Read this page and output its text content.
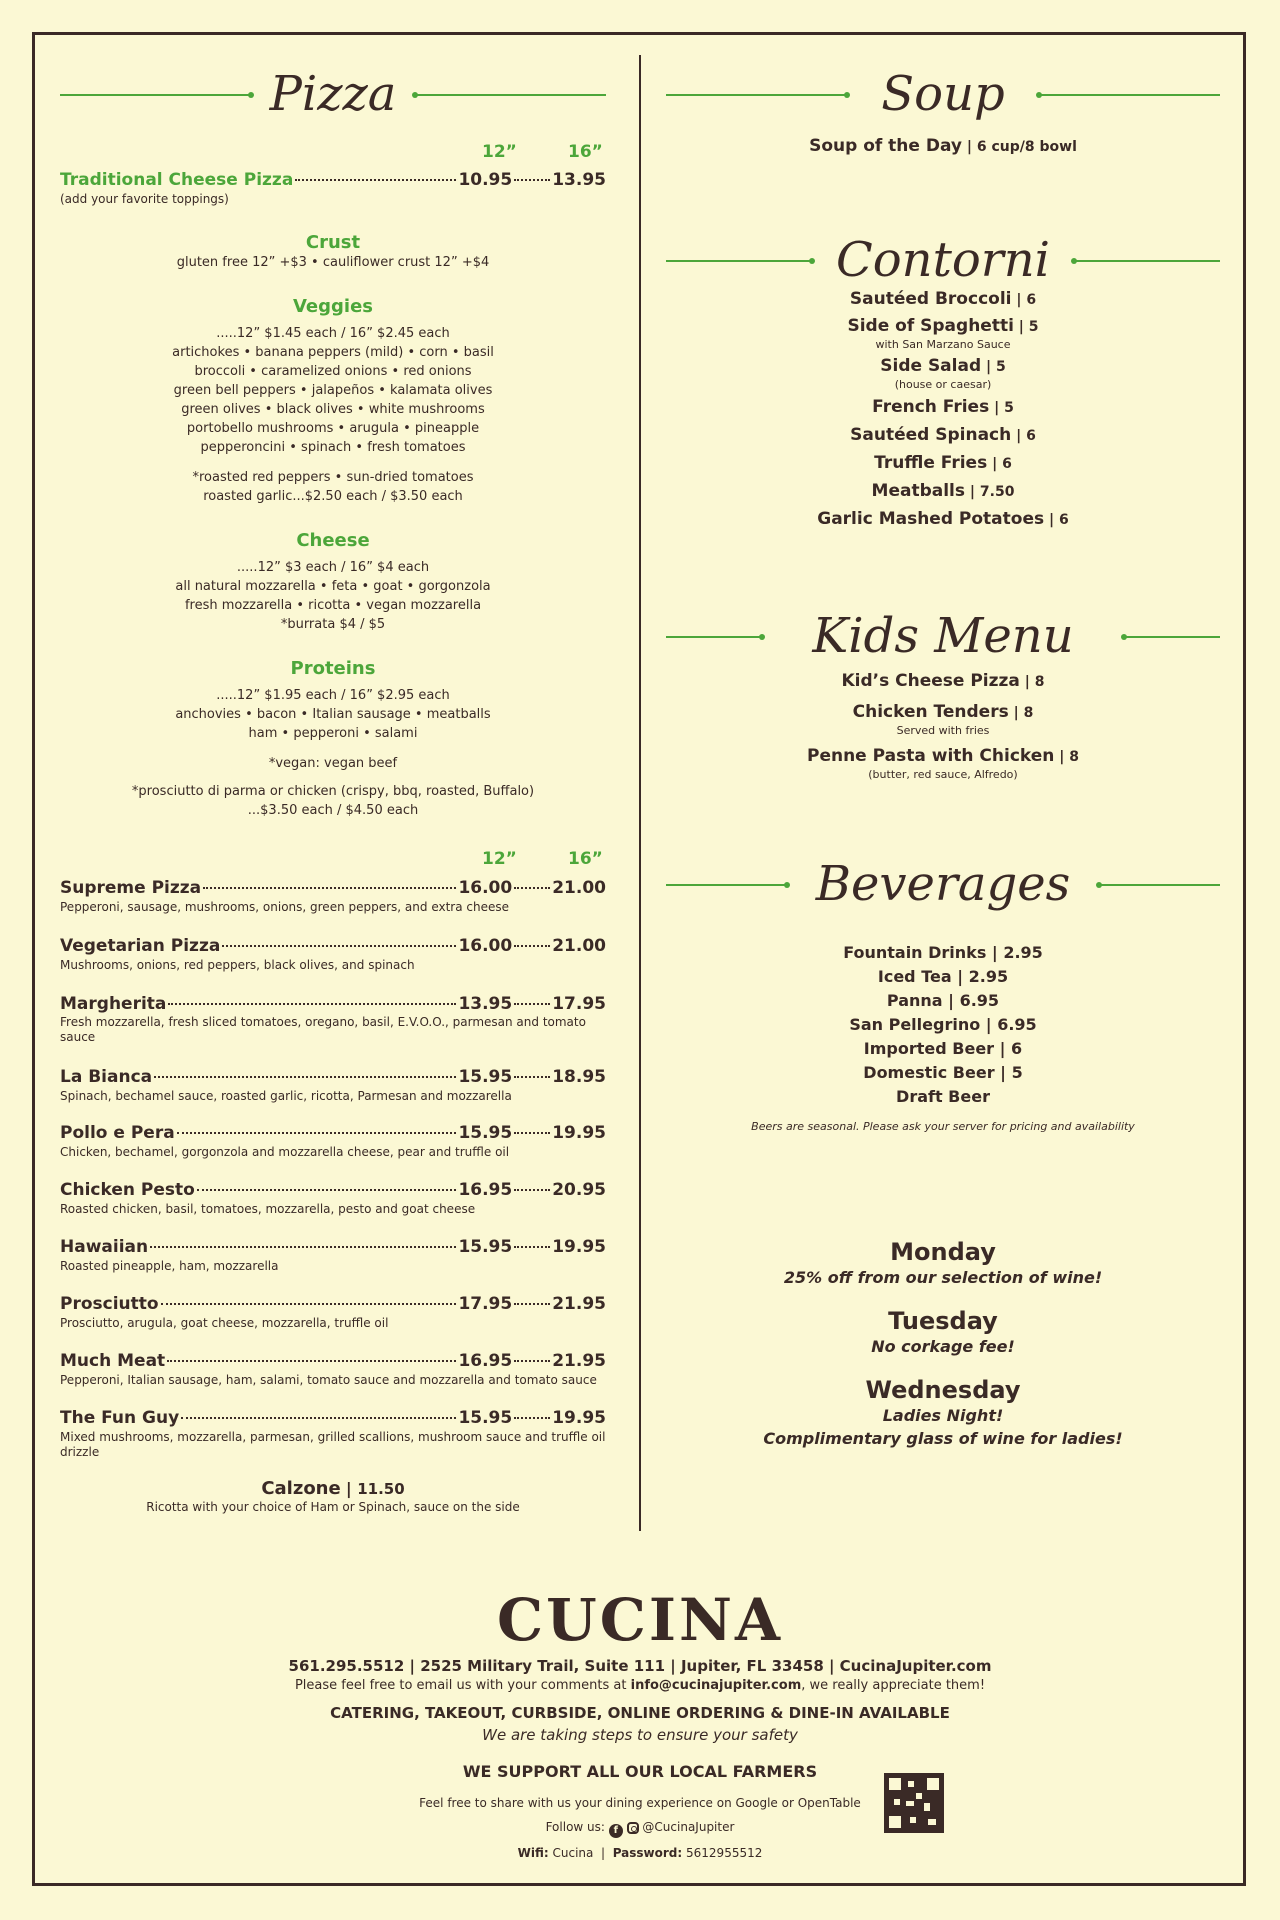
Pizza
12”	16”
Traditional Cheese Pizza	10.95 13.95
(add your favorite toppings)
Crust
gluten free 12” +$3 • cauliflower crust 12” +$4
Veggies
.....12” $1.45 each / 16” $2.45 each
artichokes • banana peppers (mild) • corn • basil
broccoli • caramelized onions • red onions
green bell peppers • jalapeños • kalamata olives
green olives • black olives • white mushrooms
portobello mushrooms • arugula • pineapple
pepperoncini • spinach • fresh tomatoes
*roasted red peppers • sun-dried tomatoes
roasted garlic...$2.50 each / $3.50 each
Cheese
.....12” $3 each / 16” $4 each
all natural mozzarella • feta • goat • gorgonzola
fresh mozzarella • ricotta • vegan mozzarella
*burrata $4 / $5
Proteins
.....12” $1.95 each / 16” $2.95 each
anchovies • bacon • Italian sausage • meatballs
ham • pepperoni • salami
*vegan: vegan beef
*prosciutto di parma or chicken (crispy, bbq, roasted, Buffalo)
...$3.50 each / $4.50 each
12”	16”
Supreme Pizza	16.00 21.00
Pepperoni, sausage, mushrooms, onions, green peppers, and extra cheese
Vegetarian Pizza	16.00 21.00
Mushrooms, onions, red peppers, black olives, and spinach
Margherita	13.95 17.95
Fresh mozzarella, fresh sliced tomatoes, oregano, basil, E.V.O.O., parmesan and tomato sauce
La Bianca	15.95 18.95
Spinach, bechamel sauce, roasted garlic, ricotta, Parmesan and mozzarella
Pollo e Pera	15.95 19.95
Chicken, bechamel, gorgonzola and mozzarella cheese, pear and truffle oil
Chicken Pesto	16.95 20.95
Roasted chicken, basil, tomatoes, mozzarella, pesto and goat cheese
Hawaiian	15.95 19.95
Roasted pineapple, ham, mozzarella
Prosciutto	17.95 21.95
Prosciutto, arugula, goat cheese, mozzarella, truffle oil
Much Meat	16.95 21.95
Pepperoni, Italian sausage, ham, salami, tomato sauce and mozzarella and tomato sauce
The Fun Guy	15.95 19.95
Mixed mushrooms, mozzarella, parmesan, grilled scallions, mushroom sauce and truffle oil drizzle
Calzone | 11.50
Ricotta with your choice of Ham or Spinach, sauce on the side
Soup
Soup of the Day | 6 cup/8 bowl
Contorni
Sautéed Broccoli | 6
Side of Spaghetti | 5
with San Marzano Sauce
Side Salad | 5
(house or caesar)
French Fries | 5
Sautéed Spinach | 6
Truffle Fries | 6
Meatballs | 7.50
Garlic Mashed Potatoes | 6
Kids Menu
Kid’s Cheese Pizza | 8
Chicken Tenders | 8
Served with fries
Penne Pasta with Chicken | 8
(butter, red sauce, Alfredo)
Beverages
Fountain Drinks | 2.95
Iced Tea | 2.95
Panna | 6.95
San Pellegrino | 6.95
Imported Beer | 6
Domestic Beer | 5
Draft Beer
Beers are seasonal. Please ask your server for pricing and availability
Monday
25% off from our selection of wine!
Tuesday
No corkage fee!
Wednesday
Ladies Night!
Complimentary glass of wine for ladies!
CUCINA
561.295.5512 | 2525 Military Trail, Suite 111 | Jupiter, FL 33458 | CucinaJupiter.com
Please feel free to email us with your comments at info@cucinajupiter.com, we really appreciate them!
CATERING, TAKEOUT, CURBSIDE, ONLINE ORDERING & DINE-IN AVAILABLE
We are taking steps to ensure your safety
WE SUPPORT ALL OUR LOCAL FARMERS
Feel free to share with us your dining experience on Google or OpenTable
Follow us: f @CucinaJupiter
Wifi: Cucina  |  Password: 5612955512
